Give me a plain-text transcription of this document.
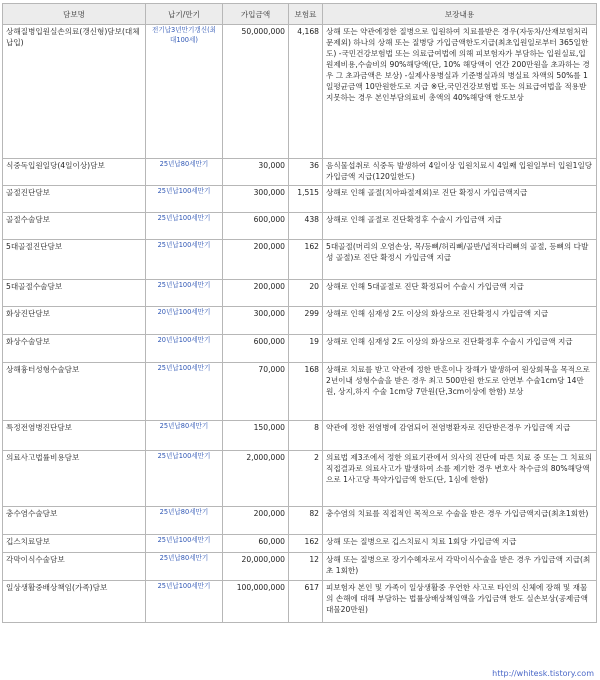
담보명	납기/만기	가입금액	보험료	보장내용
상해질병입원실손의료(갱신형)담보(대체납입)	전기납3년만기갱신(최대100세)	50,000,000	4,168	상해 또는 약관에정한 질병으로 입원하여 치료를받은 경우(자동차/산재보험처리문제외) 하나의 상해 또는 질병당 가입금액한도지급(최초입원일로부터 365일한도) -국민건강보험법 또는 의료급여법에 의해 피보험자가 부담하는 입원실료,입원제비용,수술비의 90%해당액(단, 10% 해당액이 연간 200만원을 초과하는 경우 그 초과금액은 보상) -실제사용병실과 기준병실과의 병실료 차액의 50%를 1일평균금액 10만원한도로 지급 ※단,국민건강보험법 또는 의료급여법을 적용받지못하는 경우 본인부담의료비 총액의 40%해당액 한도보상
식중독입원일당(4일이상)담보	25년납80세만기	30,000	36	음식물섭취로 식중독 발생하여 4일이상 입원치료시 4일째 입원일부터 입원1일당 가입금액 지급(120일한도)
골절진단담보	25년납100세만기	300,000	1,515	상해로 인해 골절(치아파절제외)로 진단 확정시 가입금액지급
골절수술담보	25년납100세만기	600,000	438	상해로 인해 골절로 진단확정후 수술시 가입금액 지급
5대골절진단담보	25년납100세만기	200,000	162	5대골절(머리의 오염손상, 목/등뼈/허리뼈/골반/넙적다리뼈의 골절, 등뼈의 다발성 골절)로 진단 확정시 가입금액 지급
5대골절수술담보	25년납100세만기	200,000	20	상해로 인해 5대골절로 진단 확정되어 수술시 가입금액 지급
화상진단담보	20년납100세만기	300,000	299	상해로 인해 심재성 2도 이상의 화상으로 진단확정시 가입금액 지급
화상수술담보	20년납100세만기	600,000	19	상해로 인해 심재성 2도 이상의 화상으로 진단확정후 수술시 가입금액 지급
상해흉터성형수술담보	25년납100세만기	70,000	168	상해로 치료를 받고 약관에 정한 반흔이나 장해가 발생하여 원상회복을 목적으로 2년이내 성형수술을 받은 경우 최고 500만원 한도로 안면부 수술1cm당 14만원, 상지,하지 수술 1cm당 7만원(단,3cm이상에 한함) 보상
특정전염병진단담보	25년납80세만기	150,000	8	약관에 정한 전염병에 감염되어 전염병환자로 진단받은경우 가입금액 지급
의료사고법률비용담보	25년납100세만기	2,000,000	2	의료법 제3조에서 정한 의료기관에서 의사의 진단에 따른 치료 중 또는 그 치료의 직접결과로 의료사고가 발생하여 소를 제기한 경우 변호사 착수금의 80%해당액으로 1사고당 특약가입금액 한도(단, 1심에 한함)
충수염수술담보	25년납80세만기	200,000	82	충수염의 치료를 직접적인 목적으로 수술을 받은 경우 가입금액지급(최초1회한)
깁스치료담보	25년납100세만기	60,000	162	상해 또는 질병으로 깁스치료시 치료 1회당 가입금액 지급
각막이식수술담보	25년납80세만기	20,000,000	12	상해 또는 질병으로 장기수혜자로서 각막이식수술을 받은 경우 가입금액 지급(최초 1회한)
일상생활중배상책임(가족)담보	25년납100세만기	100,000,000	617	피보험자 본인 및 가족이 일상생활중 우연한 사고로 타인의 신체에 장해 및 재물의 손해에 대해 부담하는 법률상배상책임액을 가입금액 한도 실손보상(공제금액 대물20만원)
http://whitesk.tistory.com
